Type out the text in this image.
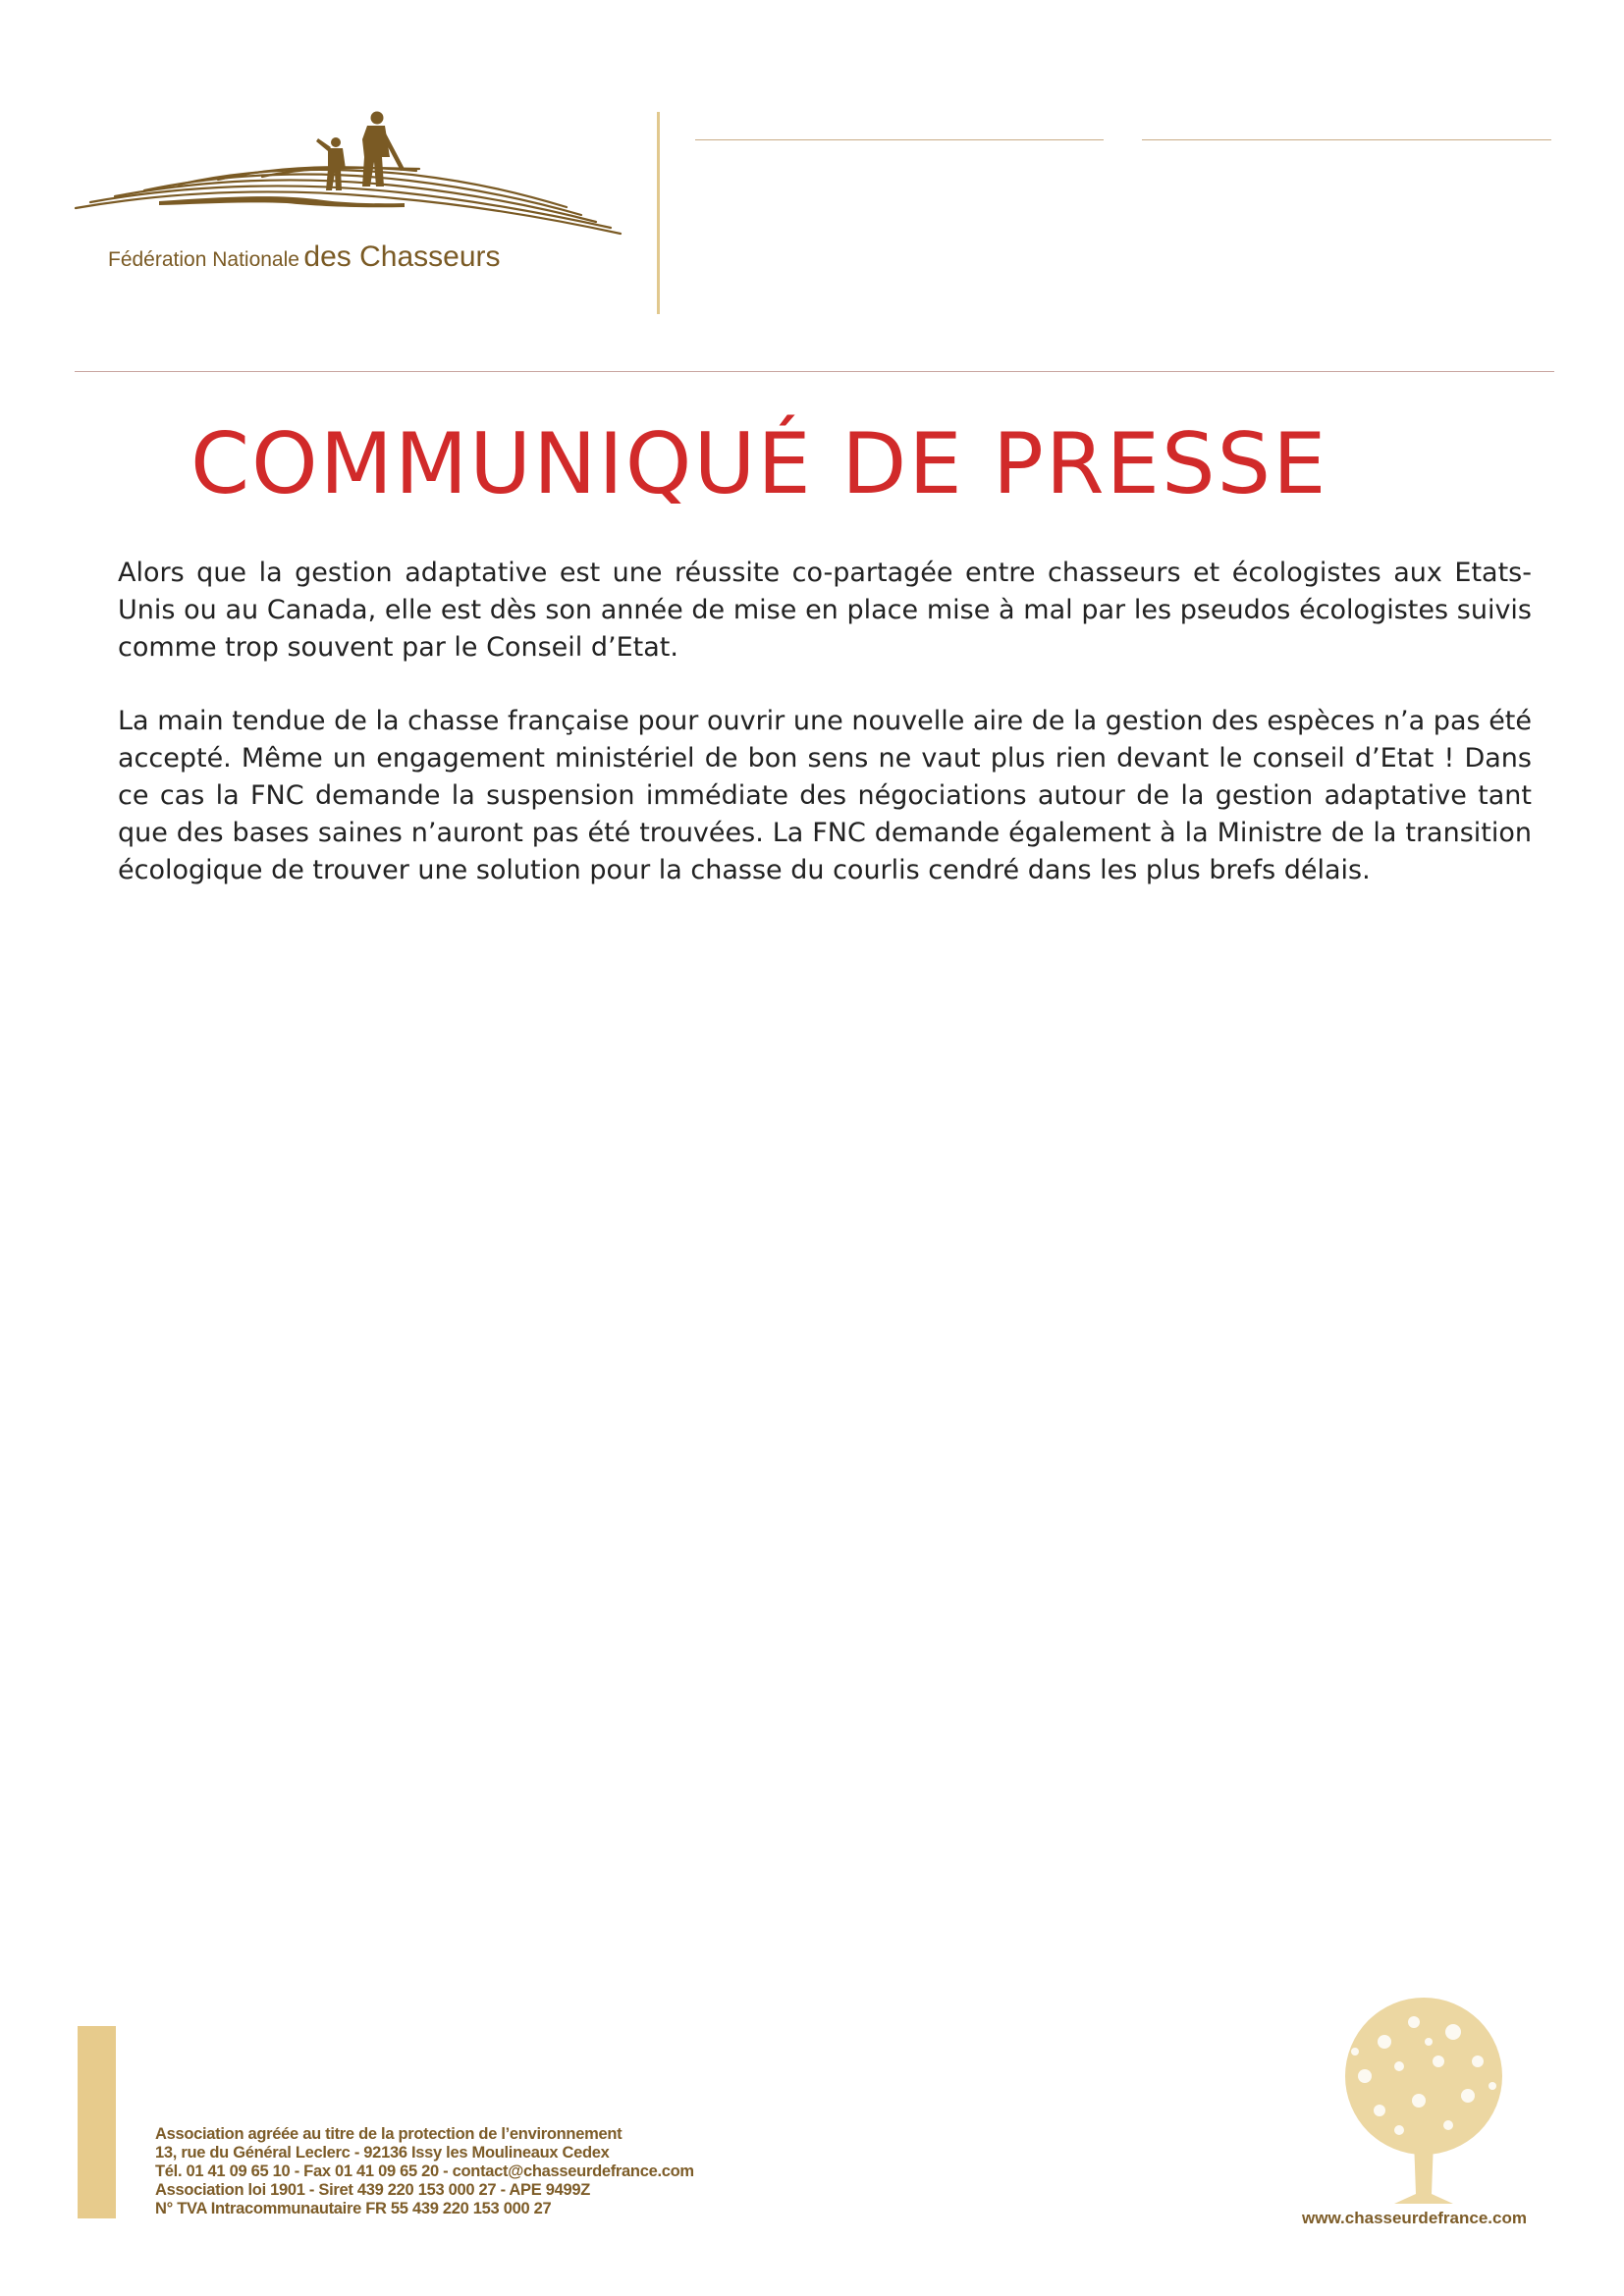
Fédération Nationale des Chasseurs
COMMUNIQUÉ DE PRESSE

Alors que la gestion adaptative est une réussite co-partagée entre chasseurs et écologistes aux Etats-Unis ou au Canada, elle est dès son année de mise en place mise à mal par les pseudos écologistes suivis comme trop souvent par le Conseil d’Etat.

La main tendue de la chasse française pour ouvrir une nouvelle aire de la gestion des espèces n’a pas été accepté. Même un engagement ministériel de bon sens ne vaut plus rien devant le conseil d’Etat ! Dans ce cas la FNC demande la suspension immédiate des négociations autour de la gestion adaptative tant que des bases saines n’auront pas été trouvées. La FNC demande également à la Ministre de la transition écologique de trouver une solution pour la chasse du courlis cendré dans les plus brefs délais.

Association agréée au titre de la protection de l’environnement
13, rue du Général Leclerc - 92136 Issy les Moulineaux Cedex
Tél. 01 41 09 65 10 - Fax 01 41 09 65 20 - contact@chasseurdefrance.com
Association loi 1901 - Siret 439 220 153 000 27 - APE 9499Z
N° TVA Intracommunautaire FR 55 439 220 153 000 27	www.chasseurdefrance.com
